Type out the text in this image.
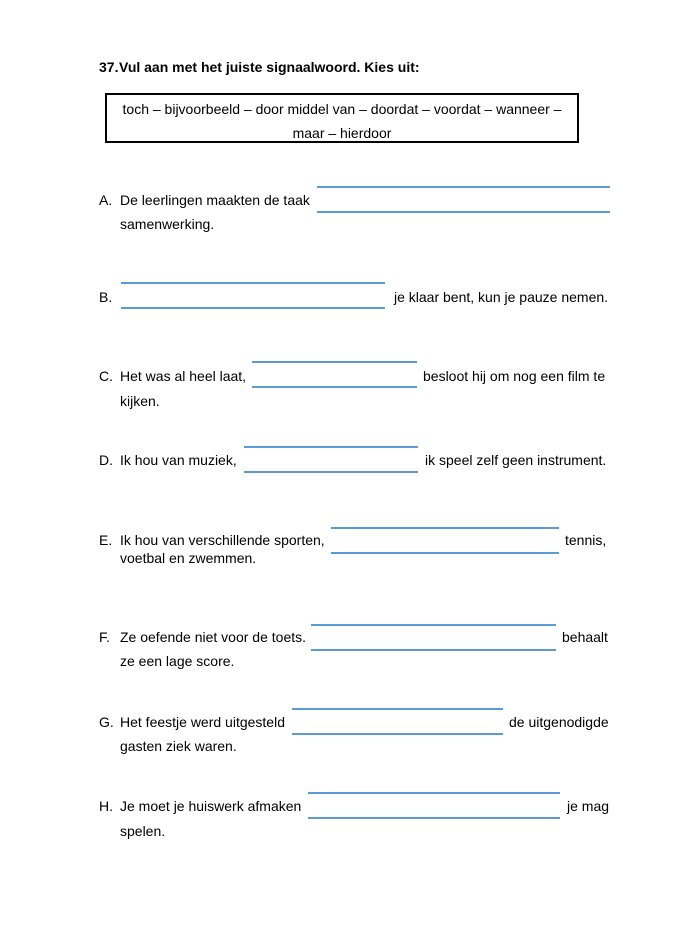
37. Vul aan met het juiste signaalwoord. Kies uit:
toch – bijvoorbeeld – door middel van – doordat – voordat – wanneer –
maar – hierdoor
A. De leerlingen maakten de taak
samenwerking.
B.	je klaar bent, kun je pauze nemen.
C. Het was al heel laat,	besloot hij om nog een film te
kijken.
D. Ik hou van muziek,	ik speel zelf geen instrument.
E. Ik hou van verschillende sporten,	tennis,
voetbal en zwemmen.
F. Ze oefende niet voor de toets.	behaalt
ze een lage score.
G. Het feestje werd uitgesteld	de uitgenodigde
gasten ziek waren.
H. Je moet je huiswerk afmaken	je mag
spelen.
